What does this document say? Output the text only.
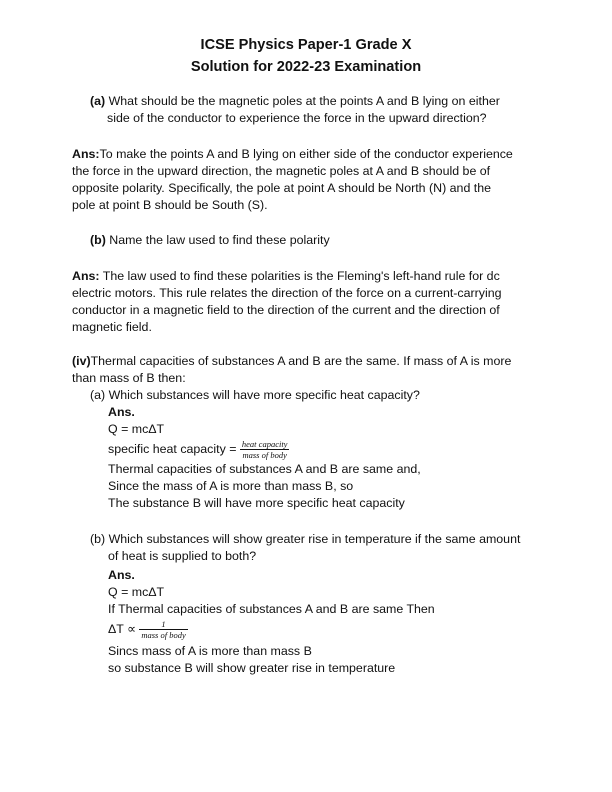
ICSE Physics Paper-1 Grade X
Solution for 2022-23 Examination

(a) What should be the magnetic poles at the points A and B lying on either

side of the conductor to experience the force in the upward direction?

Ans:To make the points A and B lying on either side of the conductor experience

the force in the upward direction, the magnetic poles at A and B should be of

opposite polarity. Specifically, the pole at point A should be North (N) and the

pole at point B should be South (S).

(b) Name the law used to find these polarity

Ans: The law used to find these polarities is the Fleming's left-hand rule for dc

electric motors. This rule relates the direction of the force on a current-carrying

conductor in a magnetic field to the direction of the current and the direction of

magnetic field.

(iv)Thermal capacities of substances A and B are the same. If mass of A is more

than mass of B then:

(a) Which substances will have more specific heat capacity?

Ans.

Q = mcΔT

specific heat capacity = $\frac{\text{heat capacity}}{\text{mass of body}}$

Thermal capacities of substances A and B are same and,

Since the mass of A is more than mass B, so

The substance B will have more specific heat capacity

(b) Which substances will show greater rise in temperature if the same amount

of heat is supplied to both?

Ans.

Q = mcΔT

If Thermal capacities of substances A and B are same Then

$\Delta T \propto \frac{1}{\text{mass of body}}$

Sincs mass of A is more than mass B

so substance B will show greater rise in temperature
